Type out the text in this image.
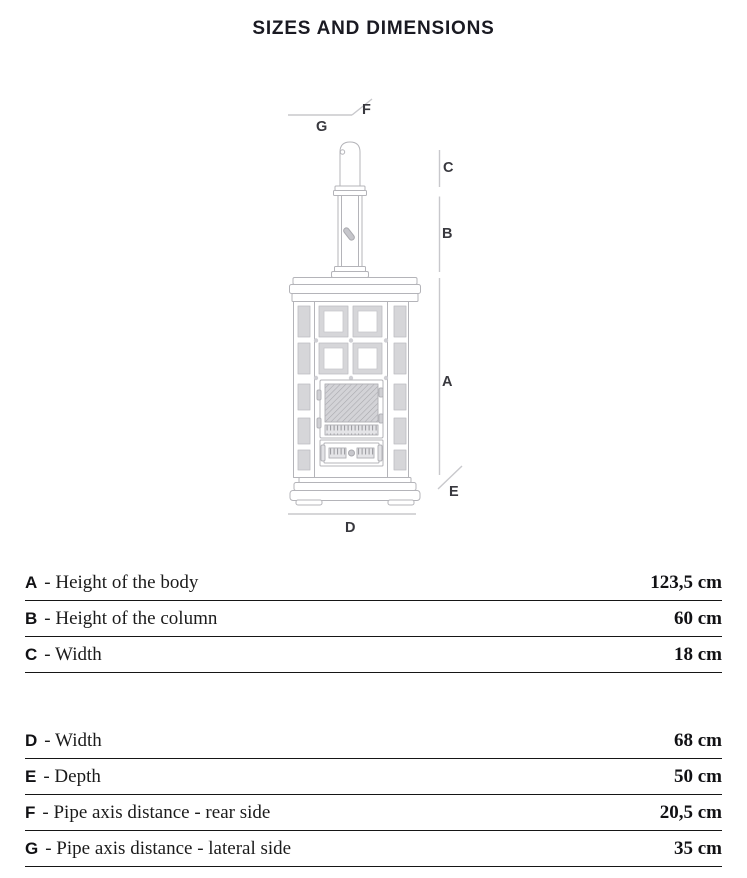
SIZES AND DIMENSIONS
F
G
C
B
A
E
D
A - Height of the body	123,5 cm
B - Height of the column	60 cm
C - Width	18 cm
D - Width	68 cm
E - Depth	50 cm
F - Pipe axis distance - rear side	20,5 cm
G - Pipe axis distance - lateral side	35 cm
